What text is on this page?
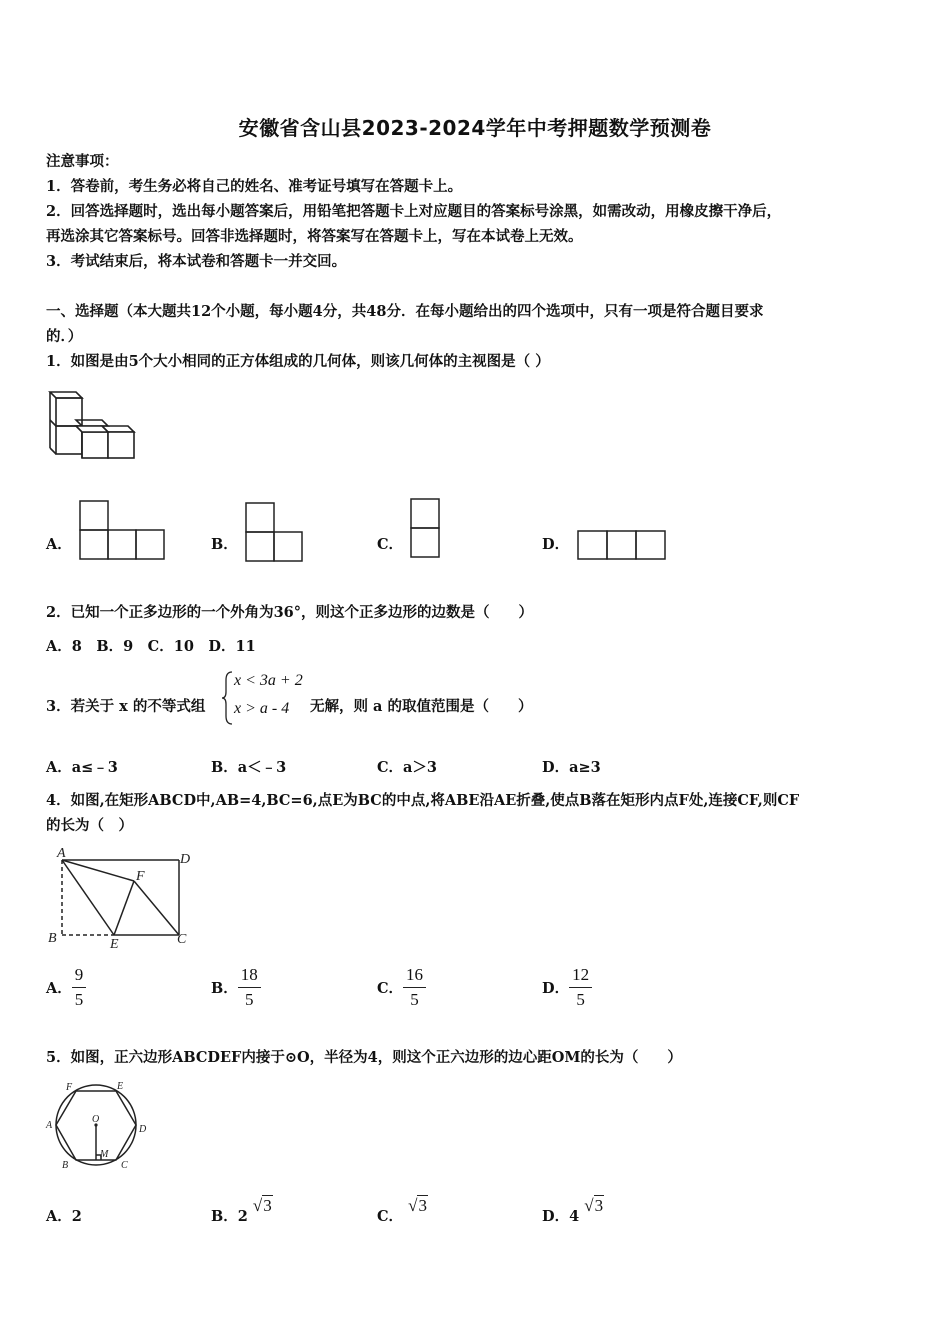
安徽省含山县2023-2024学年中考押题数学预测卷
注意事项：
1．答卷前，考生务必将自己的姓名、准考证号填写在答题卡上。
2．回答选择题时，选出每小题答案后，用铅笔把答题卡上对应题目的答案标号涂黑，如需改动，用橡皮擦干净后，
再选涂其它答案标号。回答非选择题时，将答案写在答题卡上，写在本试卷上无效。
3．考试结束后，将本试卷和答题卡一并交回。
一、选择题（本大题共12个小题，每小题4分，共48分．在每小题给出的四个选项中，只有一项是符合题目要求
的．）
1．如图是由5个大小相同的正方体组成的几何体，则该几何体的主视图是（ ）
A．	B．	C．	D．
2．已知一个正多边形的一个外角为36°，则这个正多边形的边数是（　　）
A．8　B．9　C．10　D．11
3．若关于 x 的不等式组
x < 3a + 2
x > a - 4 无解，则 a 的取值范围是（　　）
A．a≤﹣3	B．a＜﹣3	C．a＞3	D．a≥3
4．如图,在矩形ABCD中,AB=4,BC=6,点E为BC的中点,将ABE沿AE折叠,使点B落在矩形内点F处,连接CF,则CF
的长为（　）
A	D
F
B	E	C
A． $\frac{9}{5}$	B． $\frac{18}{5}$	C． $\frac{16}{5}$	D． $\frac{12}{5}$
5．如图，正六边形ABCDEF内接于⊙O，半径为4，则这个正六边形的边心距OM的长为（　　）
F	E
A	D
O
M
B	C
A．2	B．2 √3
C． √3
D．4 √3
